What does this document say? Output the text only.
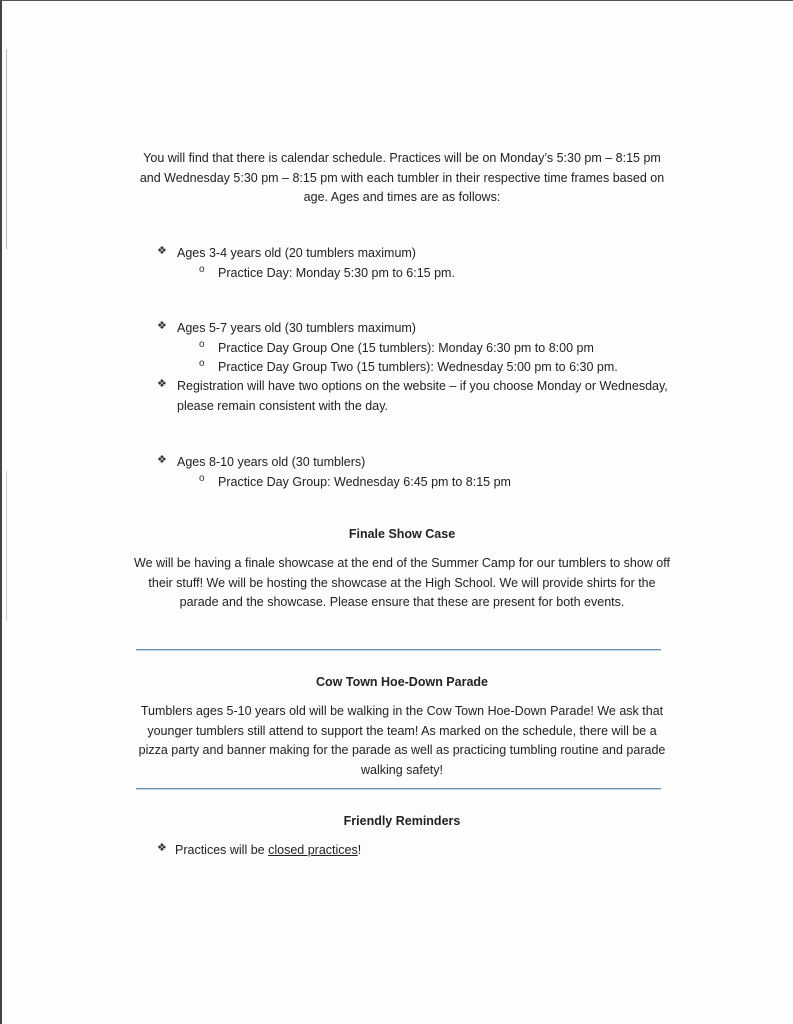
You will find that there is calendar schedule. Practices will be on Monday’s 5:30 pm – 8:15 pm
and Wednesday 5:30 pm – 8:15 pm with each tumbler in their respective time frames based on
age. Ages and times are as follows:
❖ Ages 3-4 years old (20 tumblers maximum)
o Practice Day: Monday 5:30 pm to 6:15 pm.
❖ Ages 5-7 years old (30 tumblers maximum)
o Practice Day Group One (15 tumblers): Monday 6:30 pm to 8:00 pm
o Practice Day Group Two (15 tumblers): Wednesday 5:00 pm to 6:30 pm.
❖ Registration will have two options on the website – if you choose Monday or Wednesday,
please remain consistent with the day.
❖ Ages 8-10 years old (30 tumblers)
o Practice Day Group: Wednesday 6:45 pm to 8:15 pm
Finale Show Case
We will be having a finale showcase at the end of the Summer Camp for our tumblers to show off
their stuff! We will be hosting the showcase at the High School. We will provide shirts for the
parade and the showcase. Please ensure that these are present for both events.
Cow Town Hoe-Down Parade
Tumblers ages 5-10 years old will be walking in the Cow Town Hoe-Down Parade! We ask that
younger tumblers still attend to support the team! As marked on the schedule, there will be a
pizza party and banner making for the parade as well as practicing tumbling routine and parade
walking safety!
Friendly Reminders
❖ Practices will be closed practices!
